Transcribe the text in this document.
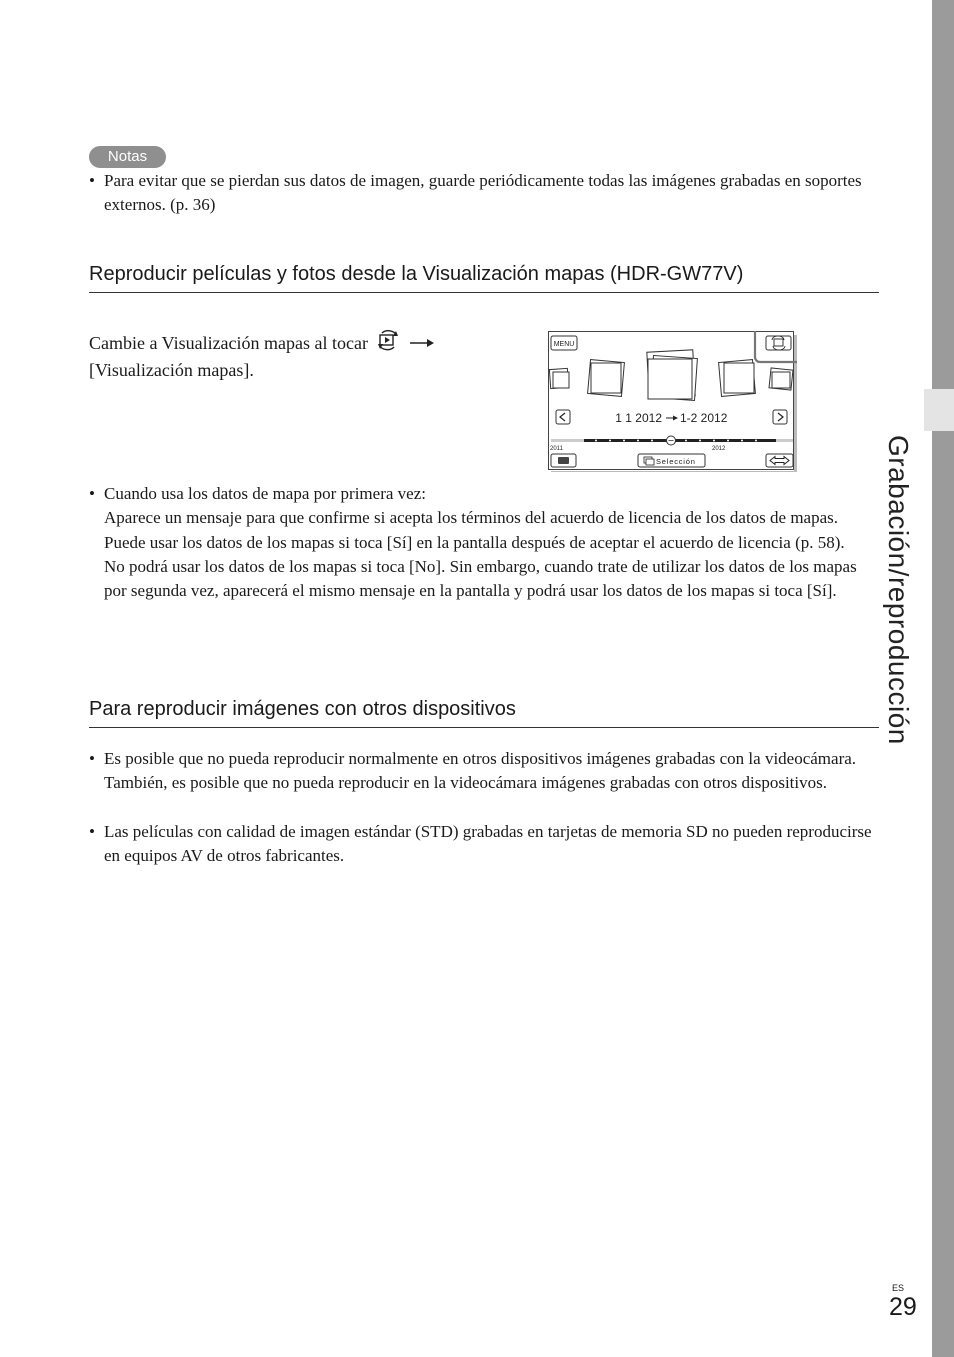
Grabación/reproducción
Notas
• Para evitar que se pierdan sus datos de imagen, guarde periódicamente todas las imágenes grabadas en soportes externos. (p. 36)
Reproducir películas y fotos desde la Visualización mapas (HDR-GW77V)
Cambie a Visualización mapas al tocar
[Visualización mapas].
MENU
1 1 2012 1-2 2012
2011	2012
Selección
• Cuando usa los datos de mapa por primera vez:
Aparece un mensaje para que confirme si acepta los términos del acuerdo de licencia de los datos de mapas. Puede usar los datos de los mapas si toca [Sí] en la pantalla después de aceptar el acuerdo de licencia (p. 58).
No podrá usar los datos de los mapas si toca [No]. Sin embargo, cuando trate de utilizar los datos de los mapas por segunda vez, aparecerá el mismo mensaje en la pantalla y podrá usar los datos de los mapas si toca [Sí].
Para reproducir imágenes con otros dispositivos
• Es posible que no pueda reproducir normalmente en otros dispositivos imágenes grabadas con la videocámara. También, es posible que no pueda reproducir en la videocámara imágenes grabadas con otros dispositivos.
• Las películas con calidad de imagen estándar (STD) grabadas en tarjetas de memoria SD no pueden reproducirse en equipos AV de otros fabricantes.
ES
29
